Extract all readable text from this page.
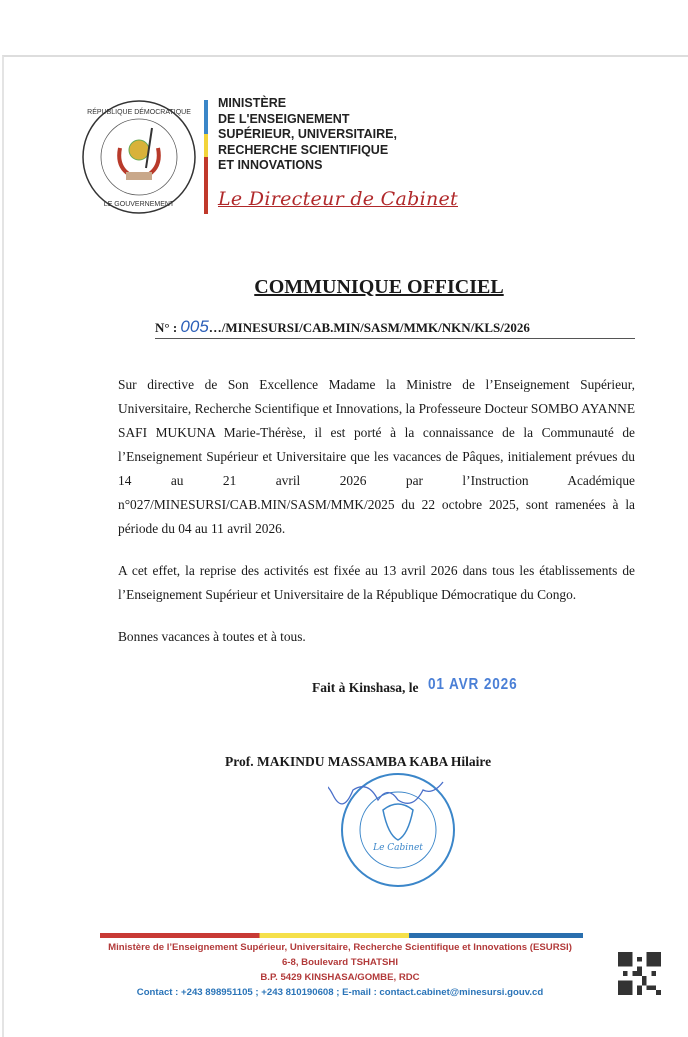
RÉPUBLIQUE DÉMOCRATIQUE
LE GOUVERNEMENT
MINISTÈRE
DE L'ENSEIGNEMENT
SUPÉRIEUR, UNIVERSITAIRE,
RECHERCHE SCIENTIFIQUE
ET INNOVATIONS
Le Directeur de Cabinet
COMMUNIQUE OFFICIEL
N° : 005…/MINESURSI/CAB.MIN/SASM/MMK/NKN/KLS/2026

Sur directive de Son Excellence Madame la Ministre de l’Enseignement Supérieur, Universitaire, Recherche Scientifique et Innovations, la Professeure Docteur SOMBO AYANNE SAFI MUKUNA Marie-Thérèse, il est porté à la connaissance de la Communauté de l’Enseignement Supérieur et Universitaire que les vacances de Pâques, initialement prévues du 14 au 21 avril 2026 par l’Instruction Académique n°027/MINESURSI/CAB.MIN/SASM/MMK/2025 du 22 octobre 2025, sont ramenées à la période du 04 au 11 avril 2026.

A cet effet, la reprise des activités est fixée au 13 avril 2026 dans tous les établissements de l’Enseignement Supérieur et Universitaire de la République Démocratique du Congo.

Bonnes vacances à toutes et à tous.

Fait à Kinshasa, le 01 AVR 2026
Prof. MAKINDU MASSAMBA KABA Hilaire
Le Cabinet
Ministère de l’Enseignement Supérieur, Universitaire, Recherche Scientifique et Innovations (ESURSI)
6-8, Boulevard TSHATSHI
B.P. 5429 KINSHASA/GOMBE, RDC
Contact : +243 898951105 ; +243 810190608 ; E-mail : contact.cabinet@minesursi.gouv.cd
